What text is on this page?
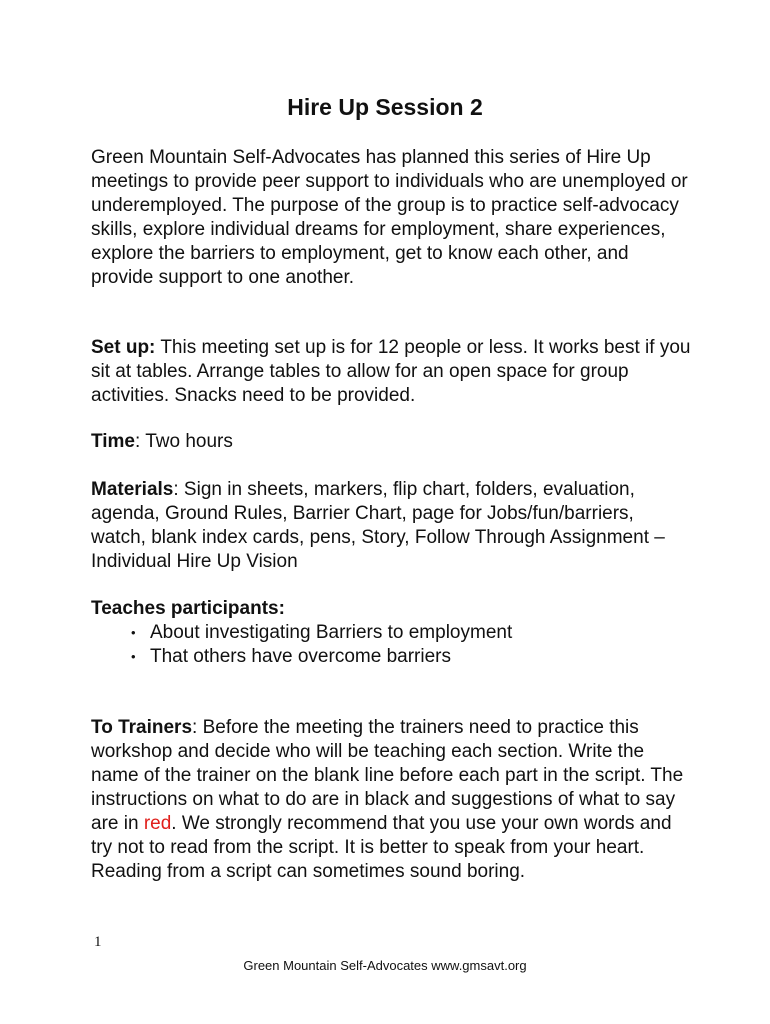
Hire Up Session 2

Green Mountain Self-Advocates has planned this series of Hire Up meetings to provide peer support to individuals who are unemployed or underemployed. The purpose of the group is to practice self-advocacy skills, explore individual dreams for employment, share experiences, explore the barriers to employment, get to know each other, and provide support to one another.

Set up: This meeting set up is for 12 people or less. It works best if you sit at tables. Arrange tables to allow for an open space for group activities. Snacks need to be provided.

Time: Two hours

Materials: Sign in sheets, markers, flip chart, folders, evaluation, agenda, Ground Rules, Barrier Chart, page for Jobs/fun/barriers, watch, blank index cards, pens, Story, Follow Through Assignment – Individual Hire Up Vision

Teaches participants:
• About investigating Barriers to employment
• That others have overcome barriers

To Trainers: Before the meeting the trainers need to practice this workshop and decide who will be teaching each section. Write the name of the trainer on the blank line before each part in the script. The instructions on what to do are in black and suggestions of what to say are in red. We strongly recommend that you use your own words and try not to read from the script. It is better to speak from your heart. Reading from a script can sometimes sound boring.

1

Green Mountain Self-Advocates www.gmsavt.org
